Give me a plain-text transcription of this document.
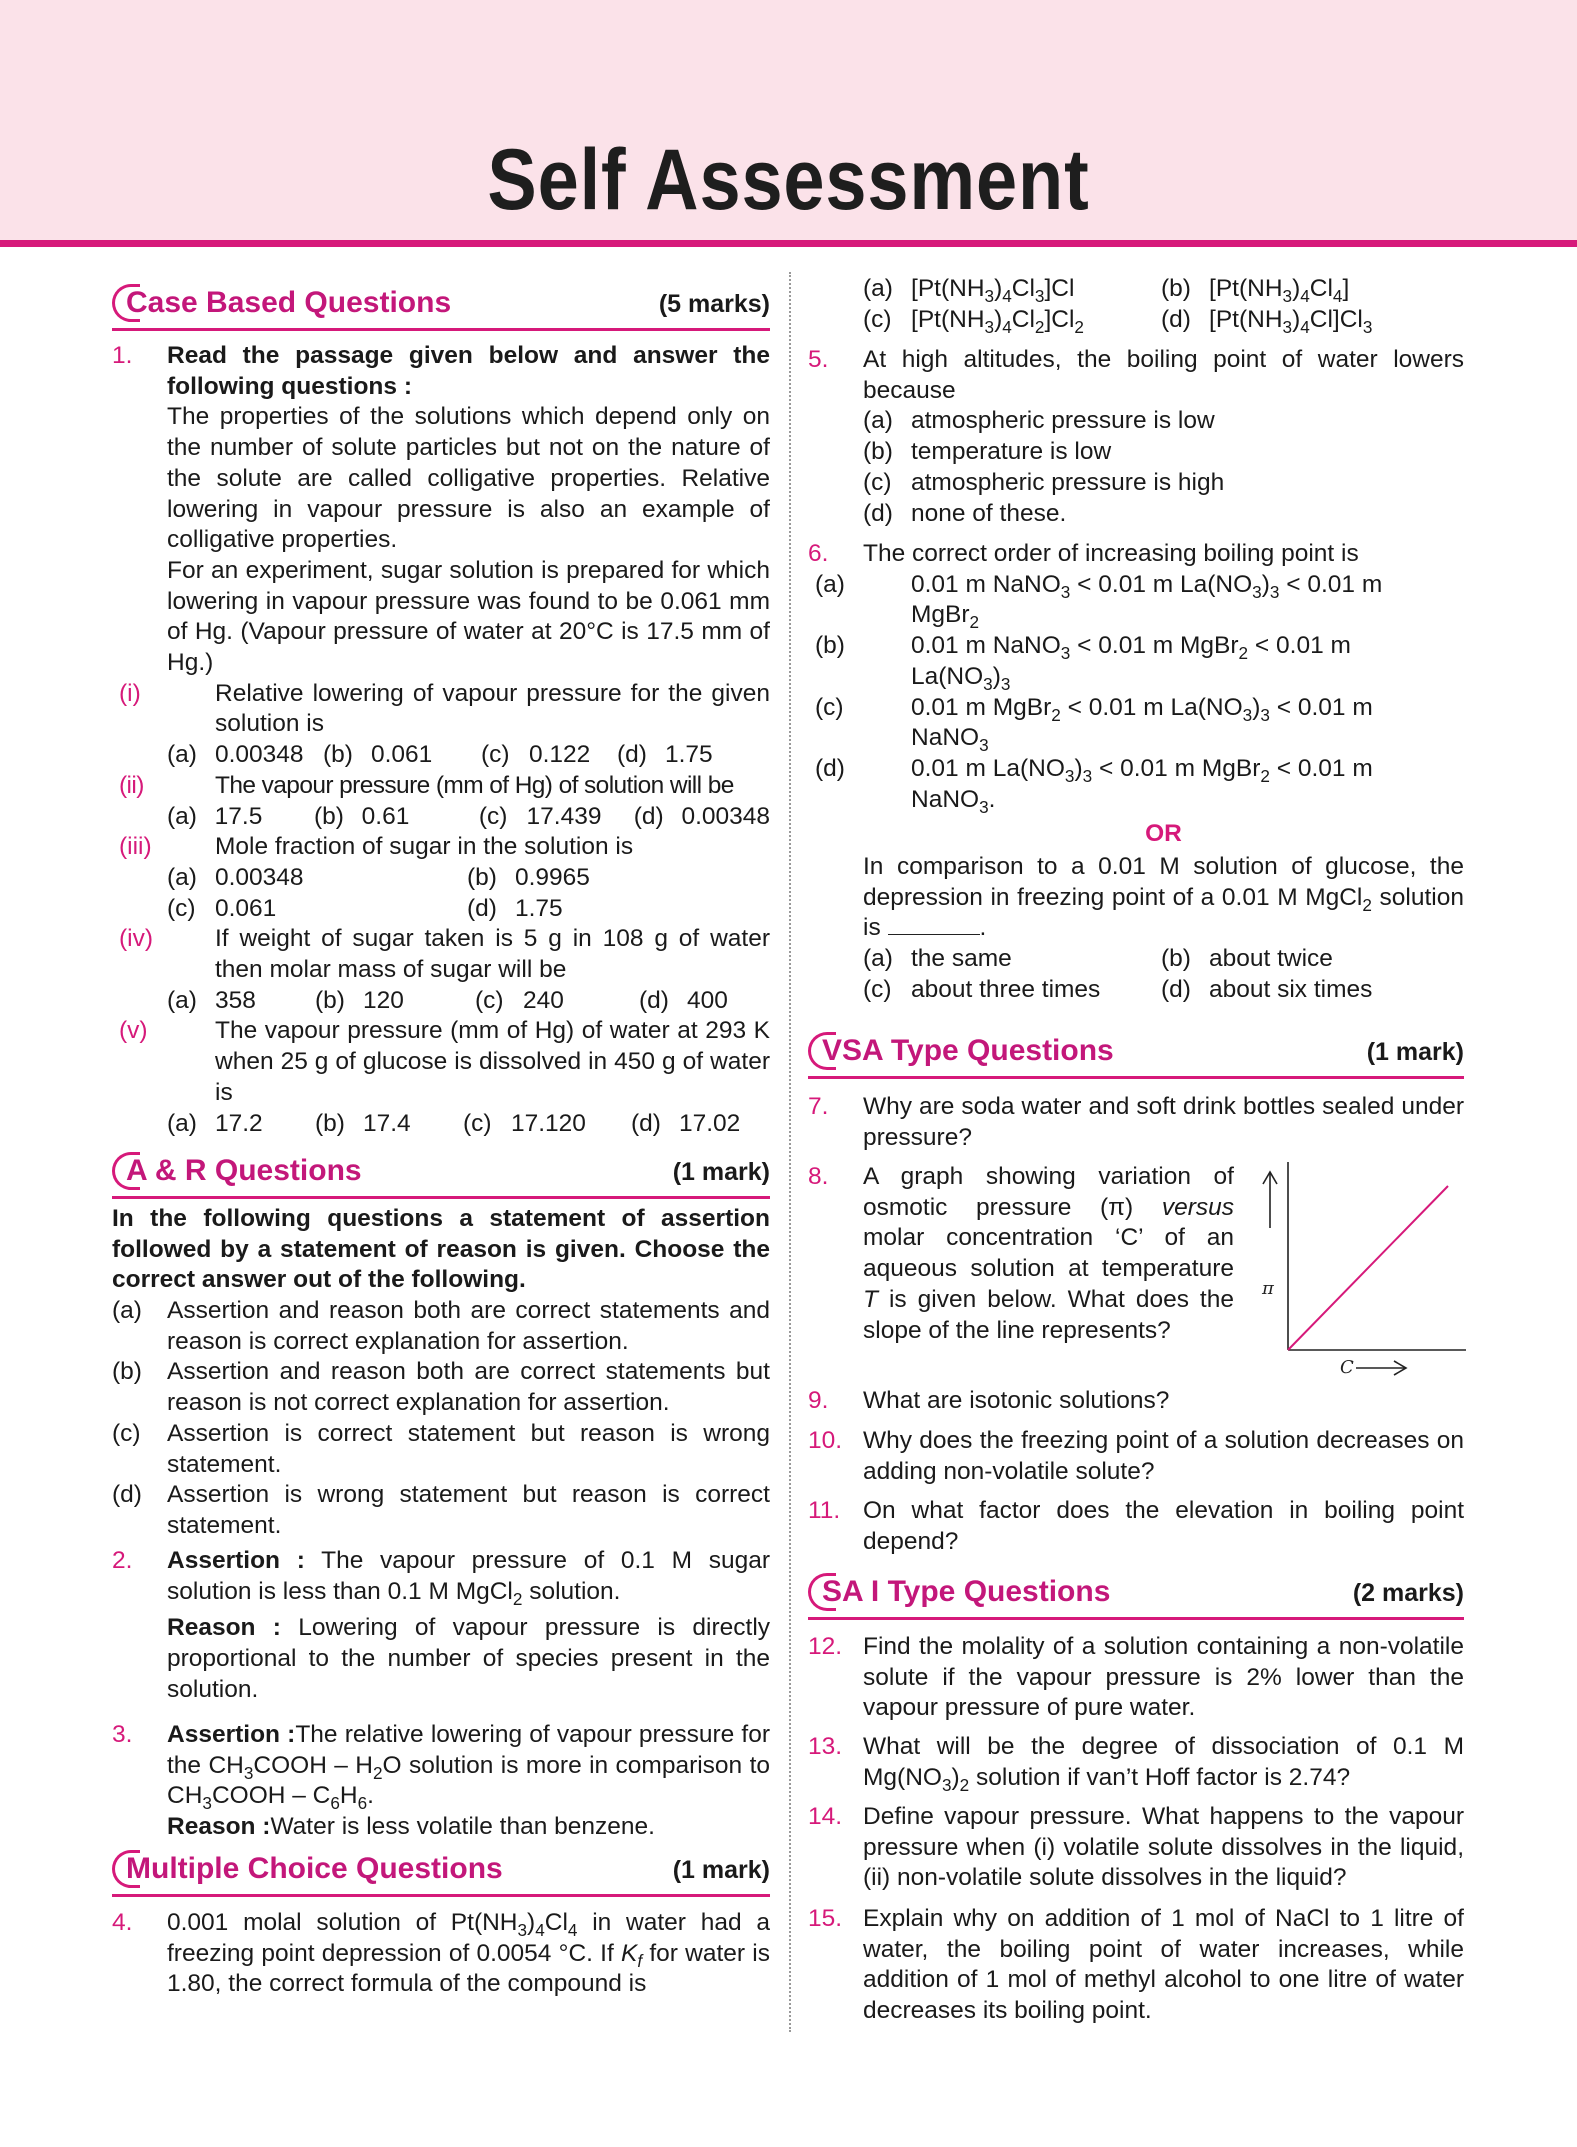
Self Assessment
Case Based Questions	(5 marks)
1. Read the passage given below and answer the following questions :
The properties of the solutions which depend only on the number of solute particles but not on the nature of the solute are called colligative properties. Relative lowering in vapour pressure is also an example of colligative properties.
For an experiment, sugar solution is prepared for which lowering in vapour pressure was found to be 0.061 mm of Hg. (Vapour pressure of water at 20°C is 17.5 mm of Hg.)
(i)	Relative lowering of vapour pressure for the given solution is
(a) 0.00348 (b) 0.061	(c) 0.122	(d) 1.75
(ii)	The vapour pressure (mm of Hg) of solution will be
(a) 17.5	(b) 0.61	(c) 17.439	(d) 0.00348
(iii)	Mole fraction of sugar in the solution is
(a) 0.00348	(b) 0.9965
(c) 0.061	(d) 1.75
(iv)	If weight of sugar taken is 5 g in 108 g of water then molar mass of sugar will be
(a) 358	(b) 120	(c) 240	(d) 400
(v)	The vapour pressure (mm of Hg) of water at 293 K when 25 g of glucose is dissolved in 450 g of water is
(a) 17.2	(b) 17.4	(c) 17.120	(d) 17.02
A & R Questions	(1 mark)
In the following questions a statement of assertion followed by a statement of reason is given. Choose the correct answer out of the following.
(a) Assertion and reason both are correct statements and reason is correct explanation for assertion.
(b) Assertion and reason both are correct statements but reason is not correct explanation for assertion.
(c) Assertion is correct statement but reason is wrong statement.
(d) Assertion is wrong statement but reason is correct statement.
2. Assertion : The vapour pressure of 0.1 M sugar solution is less than 0.1 M MgCl$_2$ solution.
Reason : Lowering of vapour pressure is directly proportional to the number of species present in the solution.
3. Assertion :The relative lowering of vapour pressure for the $CH_3COOH - H_2O$ solution is more in comparison to $CH_3COOH - C_6H_6$.
Reason :Water is less volatile than benzene.
Multiple Choice Questions	(1 mark)
4. 0.001 molal solution of $Pt(NH_3)_4Cl_4$ in water had a freezing point depression of 0.0054 °C. If $K_f$ for water is 1.80, the correct formula of the compound is
(a) $[Pt(NH_3)_4Cl_3]Cl$	(b) $[Pt(NH_3)_4Cl_4]$
(c) $[Pt(NH_3)_4Cl_2]Cl_2$	(d) $[Pt(NH_3)_4Cl]Cl_3$
5. At high altitudes, the boiling point of water lowers because
(a) atmospheric pressure is low
(b) temperature is low
(c) atmospheric pressure is high
(d) none of these.
6. The correct order of increasing boiling point is
(a)	0.01 m NaNO$_3$ < 0.01 m $La(NO_3)_3 < 0.01$ m
MgBr$_2$
(b)	0.01 m NaNO$_3$ < 0.01 m MgBr$_2$ < 0.01 m
$La(NO_3)_3$
(c)	0.01 m MgBr$_2$ < 0.01 m $La(NO_3)_3 < 0.01$ m
NaNO$_3$
(d)	0.01 m $La(NO_3)_3 < 0.01$ m MgBr$_2$ < 0.01 m
NaNO$_3$.
OR
In comparison to a 0.01 M solution of glucose, the depression in freezing point of a 0.01 M MgCl$_2$ solution is	.
(a) the same	(b) about twice
(c) about three times	(d) about six times
VSA Type Questions	(1 mark)
7. Why are soda water and soft drink bottles sealed under pressure?
8. A graph showing variation of osmotic pressure (π) versus molar concentration ‘C’ of an aqueous solution at temperature T is given below. What does the slope of the line represents?
π
C
9. What are isotonic solutions?
10. Why does the freezing point of a solution decreases on adding non-volatile solute?
11. On what factor does the elevation in boiling point depend?
SA I Type Questions	(2 marks)
12. Find the molality of a solution containing a non-volatile solute if the vapour pressure is 2% lower than the vapour pressure of pure water.
13. What will be the degree of dissociation of 0.1 M $Mg(NO_3)_2$ solution if van’t Hoff factor is 2.74?
14. Define vapour pressure. What happens to the vapour pressure when (i) volatile solute dissolves in the liquid, (ii) non-volatile solute dissolves in the liquid?
15. Explain why on addition of 1 mol of NaCl to 1 litre of water, the boiling point of water increases, while addition of 1 mol of methyl alcohol to one litre of water decreases its boiling point.
